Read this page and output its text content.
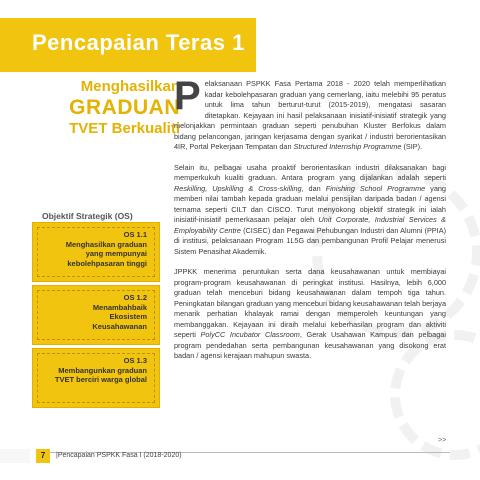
Pencapaian Teras 1
Menghasilkan
GRADUAN
TVET Berkualiti
Objektif Strategik (OS)
OS 1.1
Menghasilkan graduan
yang mempunyai
kebolehpasaran tinggi
OS 1.2
Menambahbaik
Ekosistem
Keusahawanan
OS 1.3
Membangunkan graduan
TVET berciri warga global

Pelaksanaan PSPKK Fasa Pertama 2018 - 2020 telah memperlihatkan kadar kebolehpasaran graduan yang cemerlang, iaitu melebihi 95 peratus untuk lima tahun berturut-turut (2015-2019), mengatasi sasaran ditetapkan. Kejayaan ini hasil pelaksanaan inisiatif-inisiatif strategik yang melonjakkan permintaan graduan seperti penubuhan Kluster Berfokus dalam bidang pelancongan, jaringan kerjasama dengan syarikat / industri berorientasikan 4IR, Portal Pekerjaan Tempatan dan Structured Internship Programme (SIP).

Selain itu, pelbagai usaha proaktif berorientasikan industri dilaksanakan bagi memperkukuh kualiti graduan. Antara program yang dijalankan adalah seperti Reskilling, Upskilling & Cross-skilling, dan Finishing School Programme yang memberi nilai tambah kepada graduan melalui pensijilan daripada badan / agensi ternama seperti CILT dan CISCO. Turut menyokong objektif strategik ini ialah inisiatif-inisiatif pemerkasaan pelajar oleh Unit Corporate, Industrial Services & Employability Centre (CISEC) dan Pegawai Pehubungan Industri dan Alumni (PPIA) di institusi, pelaksanaan Program 1L5G dan pembangunan Profil Pelajar menerusi Sistem Penasihat Akademik.

JPPKK menerima peruntukan serta dana keusahawanan untuk membiayai program-program keusahawanan di peringkat institusi. Hasilnya, lebih 6,000 graduan telah menceburi bidang keusahawanan dalam tempoh tiga tahun. Peningkatan bilangan graduan yang menceburi bidang keusahawanan telah berjaya menarik perhatian khalayak ramai dengan memperoleh keuntungan yang membanggakan. Kejayaan ini diraih melalui keberhasilan program dan aktiviti seperti PolyCC Incubator Classroom, Gerak Usahawan Kampus dan pelbagai program pendedahan serta pembangunan keusahawanan yang disokong erat badan / agensi kerajaan mahupun swasta.

>>
7	|Pencapaian PSPKK Fasa I (2018-2020)
